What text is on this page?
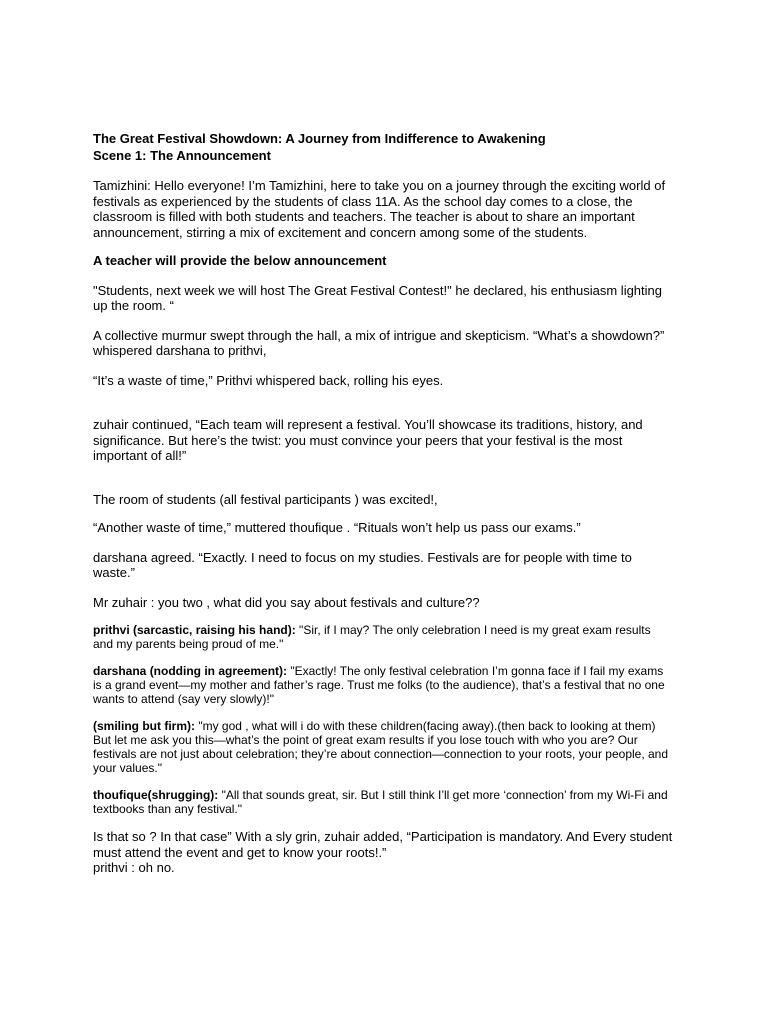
The Great Festival Showdown: A Journey from Indifference to Awakening

Scene 1: The Announcement

Tamizhini: Hello everyone! I’m Tamizhini, here to take you on a journey through the exciting world of festivals as experienced by the students of class 11A. As the school day comes to a close, the classroom is filled with both students and teachers. The teacher is about to share an important announcement, stirring a mix of excitement and concern among some of the students.

A teacher will provide the below announcement

"Students, next week we will host The Great Festival Contest!" he declared, his enthusiasm lighting up the room. “

A collective murmur swept through the hall, a mix of intrigue and skepticism. “What’s a showdown?” whispered darshana to prithvi,

“It’s a waste of time,” Prithvi whispered back, rolling his eyes.

zuhair continued, “Each team will represent a festival. You’ll showcase its traditions, history, and significance. But here’s the twist: you must convince your peers that your festival is the most important of all!”

The room of students (all festival participants ) was excited!,

“Another waste of time,” muttered thoufique . “Rituals won’t help us pass our exams.”

darshana agreed. “Exactly. I need to focus on my studies. Festivals are for people with time to waste.”

Mr zuhair : you two , what did you say about festivals and culture??

prithvi (sarcastic, raising his hand): "Sir, if I may? The only celebration I need is my great exam results and my parents being proud of me."

darshana (nodding in agreement): "Exactly! The only festival celebration I’m gonna face if I fail my exams is a grand event—my mother and father’s rage. Trust me folks (to the audience), that’s a festival that no one wants to attend (say very slowly)!"

(smiling but firm): "my god , what will i do with these children(facing away).(then back to looking at them) But let me ask you this—what’s the point of great exam results if you lose touch with who you are? Our festivals are not just about celebration; they’re about connection—connection to your roots, your people, and your values."

thoufique(shrugging): "All that sounds great, sir. But I still think I’ll get more ‘connection’ from my Wi-Fi and textbooks than any festival."

Is that so ? In that case” With a sly grin, zuhair added, “Participation is mandatory. And Every student must attend the event and get to know your roots!.”

prithvi : oh no.
